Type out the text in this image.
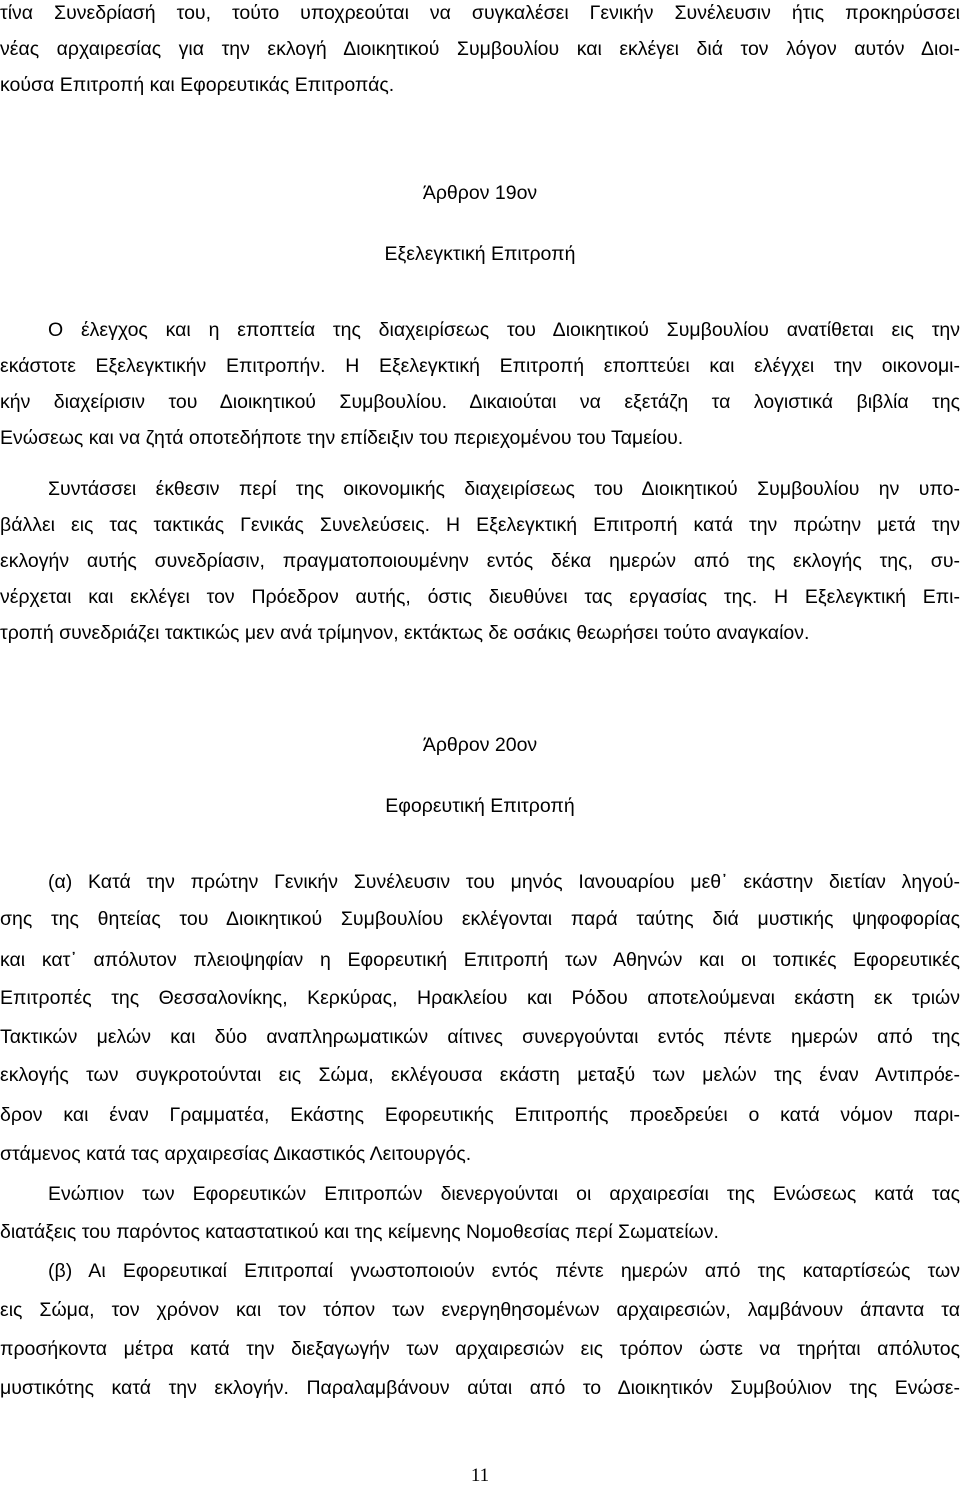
τίνα Συνεδρίασή του, τούτο υποχρεούται να συγκαλέσει Γενικήν Συνέλευσιν ήτις προκηρύσσει
νέας αρχαιρεσίας για την εκλογή Διοικητικού Συμβουλίου και εκλέγει διά τον λόγον αυτόν Διοι-
κούσα Επιτροπή και Εφορευτικάς Επιτροπάς.
Άρθρον 19ον
Εξελεγκτική Επιτροπή
Ο έλεγχος και η εποπτεία της διαχειρίσεως του Διοικητικού Συμβουλίου ανατίθεται εις την
εκάστοτε Εξελεγκτικήν Επιτροπήν. Η Εξελεγκτική Επιτροπή εποπτεύει και ελέγχει την οικονομι-
κήν διαχείρισιν του Διοικητικού Συμβουλίου. Δικαιούται να εξετάζη τα λογιστικά βιβλία της
Ενώσεως και να ζητά οποτεδήποτε την επίδειξιν του περιεχομένου του Ταμείου.
Συντάσσει έκθεσιν περί της οικονομικής διαχειρίσεως του Διοικητικού Συμβουλίου ην υπο-
βάλλει εις τας τακτικάς Γενικάς Συνελεύσεις. Η Εξελεγκτική Επιτροπή κατά την πρώτην μετά την
εκλογήν αυτής συνεδρίασιν, πραγματοποιουμένην εντός δέκα ημερών από της εκλογής της, συ-
νέρχεται και εκλέγει τον Πρόεδρον αυτής, όστις διευθύνει τας εργασίας της. Η Εξελεγκτική Επι-
τροπή συνεδριάζει τακτικώς μεν ανά τρίμηνον, εκτάκτως δε οσάκις θεωρήσει τούτο αναγκαίον.
Άρθρον 20ον
Εφορευτική Επιτροπή
(α) Κατά την πρώτην Γενικήν Συνέλευσιν του μηνός Ιανουαρίου μεθ᾽ εκάστην διετίαν ληγού-
σης της θητείας του Διοικητικού Συμβουλίου εκλέγονται παρά ταύτης διά μυστικής ψηφοφορίας
και κατ᾽ απόλυτον πλειοψηφίαν η Εφορευτική Επιτροπή των Αθηνών και οι τοπικές Εφορευτικές
Επιτροπές της Θεσσαλονίκης, Κερκύρας, Ηρακλείου και Ρόδου αποτελούμεναι εκάστη εκ τριών
Τακτικών μελών και δύο αναπληρωματικών αίτινες συνεργούνται εντός πέντε ημερών από της
εκλογής των συγκροτούνται εις Σώμα, εκλέγουσα εκάστη μεταξύ των μελών της έναν Αντιπρόε-
δρον και έναν Γραμματέα, Εκάστης Εφορευτικής Επιτροπής προεδρεύει ο κατά νόμον παρι-
στάμενος κατά τας αρχαιρεσίας Δικαστικός Λειτουργός.
Ενώπιον των Εφορευτικών Επιτροπών διενεργούνται οι αρχαιρεσίαι της Ενώσεως κατά τας
διατάξεις του παρόντος καταστατικού και της κείμενης Νομοθεσίας περί Σωματείων.
(β) Αι Εφορευτικαί Επιτροπαί γνωστοποιούν εντός πέντε ημερών από της καταρτίσεώς των
εις Σώμα, τον χρόνον και τον τόπον των ενεργηθησομένων αρχαιρεσιών, λαμβάνουν άπαντα τα
προσήκοντα μέτρα κατά την διεξαγωγήν των αρχαιρεσιών εις τρόπον ώστε να τηρήται απόλυτος
μυστικότης κατά την εκλογήν. Παραλαμβάνουν αύται από το Διοικητικόν Συμβούλιον της Ενώσε-
11
